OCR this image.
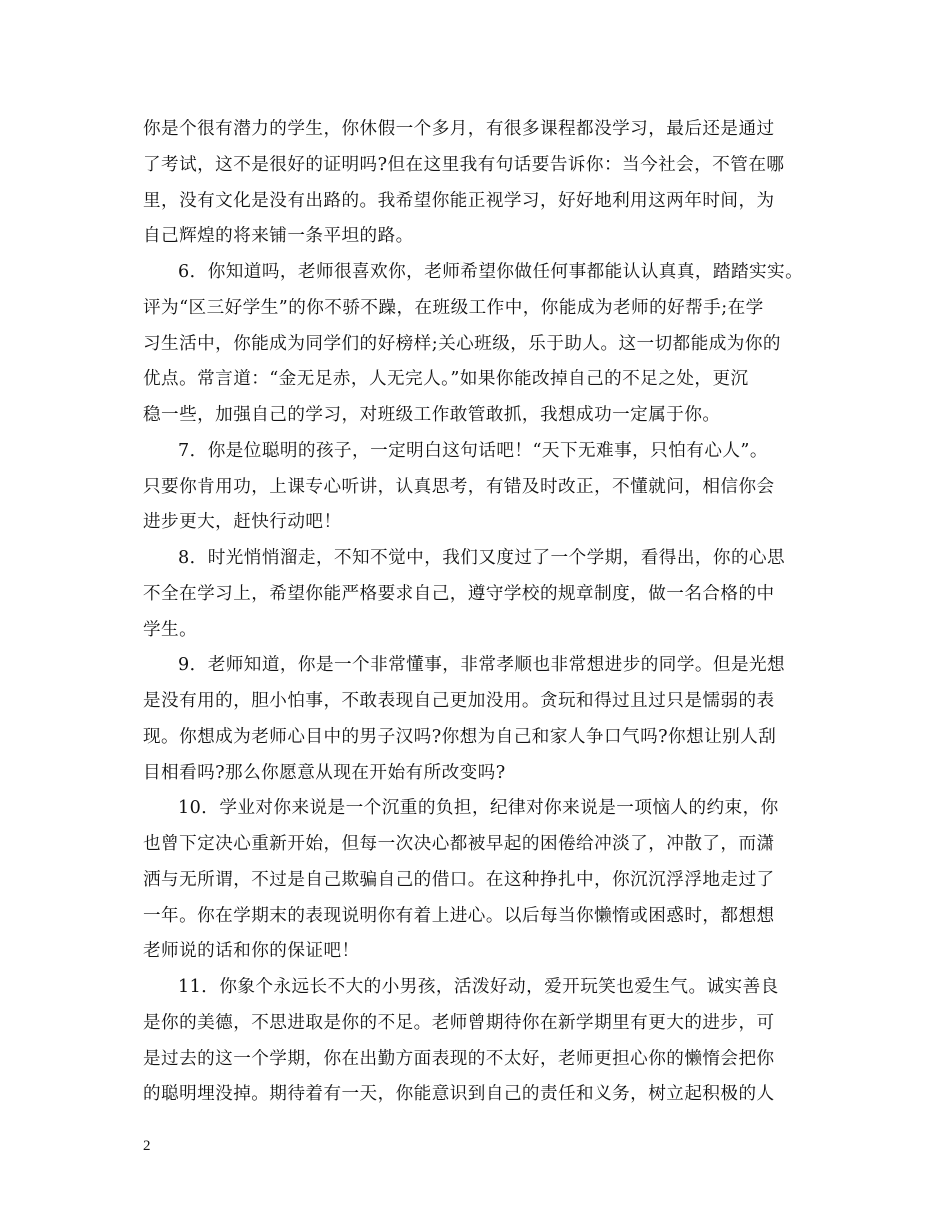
你是个很有潜力的学生，你休假一个多月，有很多课程都没学习，最后还是通过
了考试，这不是很好的证明吗?但在这里我有句话要告诉你：当今社会，不管在哪
里，没有文化是没有出路的。我希望你能正视学习，好好地利用这两年时间，为
自己辉煌的将来铺一条平坦的路。
6．你知道吗，老师很喜欢你，老师希望你做任何事都能认认真真，踏踏实实。
评为“区三好学生”的你不骄不躁，在班级工作中，你能成为老师的好帮手;在学
习生活中，你能成为同学们的好榜样;关心班级，乐于助人。这一切都能成为你的
优点。常言道：“金无足赤，人无完人。”如果你能改掉自己的不足之处，更沉
稳一些，加强自己的学习，对班级工作敢管敢抓，我想成功一定属于你。
7．你是位聪明的孩子，一定明白这句话吧！“天下无难事，只怕有心人”。
只要你肯用功，上课专心听讲，认真思考，有错及时改正，不懂就问，相信你会
进步更大，赶快行动吧！
8．时光悄悄溜走，不知不觉中，我们又度过了一个学期，看得出，你的心思
不全在学习上，希望你能严格要求自己，遵守学校的规章制度，做一名合格的中
学生。
9．老师知道，你是一个非常懂事，非常孝顺也非常想进步的同学。但是光想
是没有用的，胆小怕事，不敢表现自己更加没用。贪玩和得过且过只是懦弱的表
现。你想成为老师心目中的男子汉吗?你想为自己和家人争口气吗?你想让别人刮
目相看吗?那么你愿意从现在开始有所改变吗?
10．学业对你来说是一个沉重的负担，纪律对你来说是一项恼人的约束，你
也曾下定决心重新开始，但每一次决心都被早起的困倦给冲淡了，冲散了，而潇
洒与无所谓，不过是自己欺骗自己的借口。在这种挣扎中，你沉沉浮浮地走过了
一年。你在学期末的表现说明你有着上进心。以后每当你懒惰或困惑时，都想想
老师说的话和你的保证吧！
11．你象个永远长不大的小男孩，活泼好动，爱开玩笑也爱生气。诚实善良
是你的美德，不思进取是你的不足。老师曾期待你在新学期里有更大的进步，可
是过去的这一个学期，你在出勤方面表现的不太好，老师更担心你的懒惰会把你
的聪明埋没掉。期待着有一天，你能意识到自己的责任和义务，树立起积极的人
2
